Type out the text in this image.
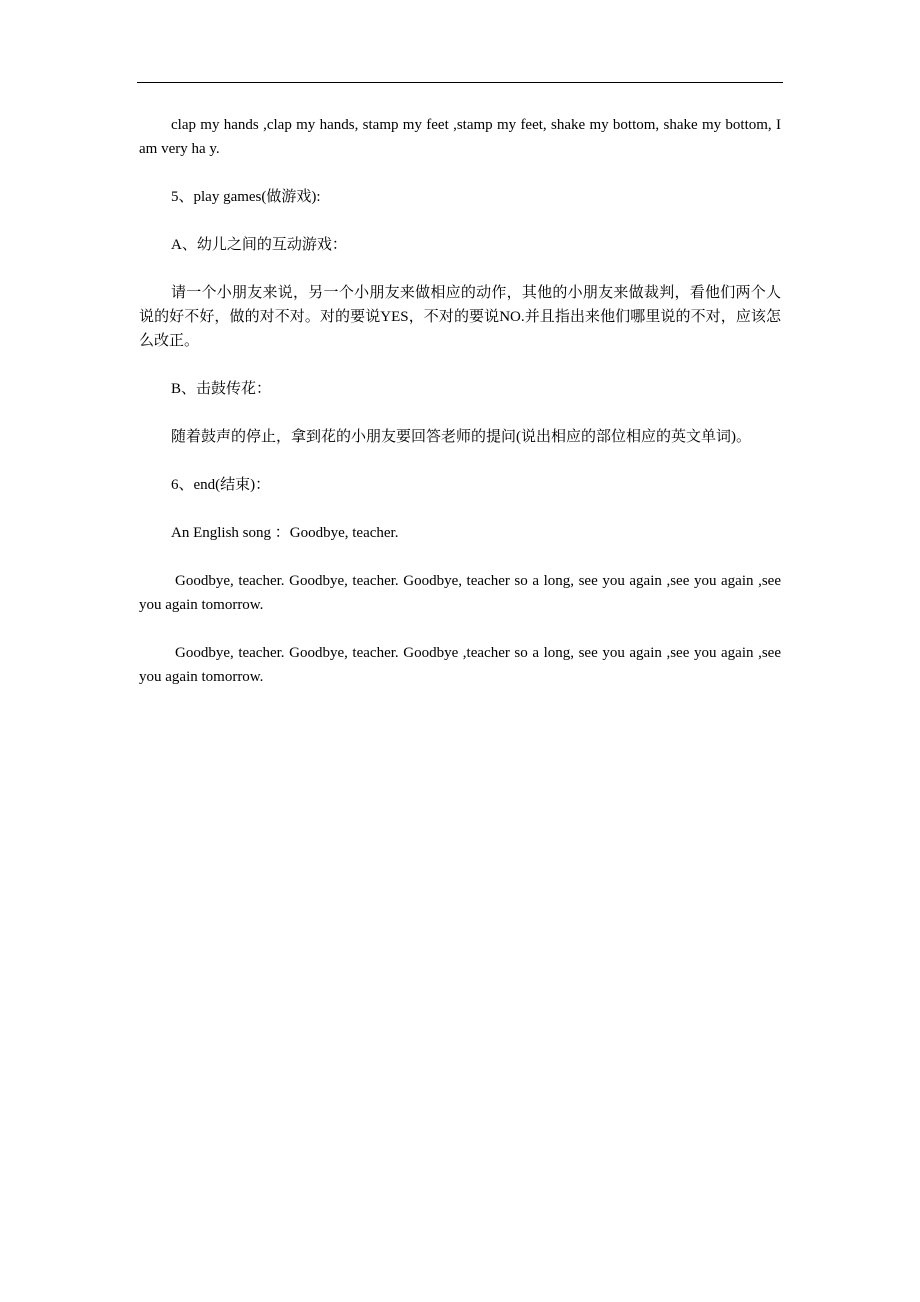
clap my hands ,clap my hands, stamp my feet ,stamp my feet, shake my bottom, shake my bottom, I am very ha y.

5、play games(做游戏):

A、幼儿之间的互动游戏：

请一个小朋友来说，另一个小朋友来做相应的动作，其他的小朋友来做裁判，看他们两个人说的好不好，做的对不对。对的要说YES，不对的要说NO.并且指出来他们哪里说的不对，应该怎么改正。

B、击鼓传花：

随着鼓声的停止，拿到花的小朋友要回答老师的提问(说出相应的部位相应的英文单词)。

6、end(结束)：

An English song ：Goodbye, teacher.

Goodbye, teacher. Goodbye, teacher. Goodbye, teacher so a long, see you again ,see you again ,see you again tomorrow.

Goodbye, teacher. Goodbye, teacher. Goodbye ,teacher so a long, see you again ,see you again ,see you again tomorrow.
